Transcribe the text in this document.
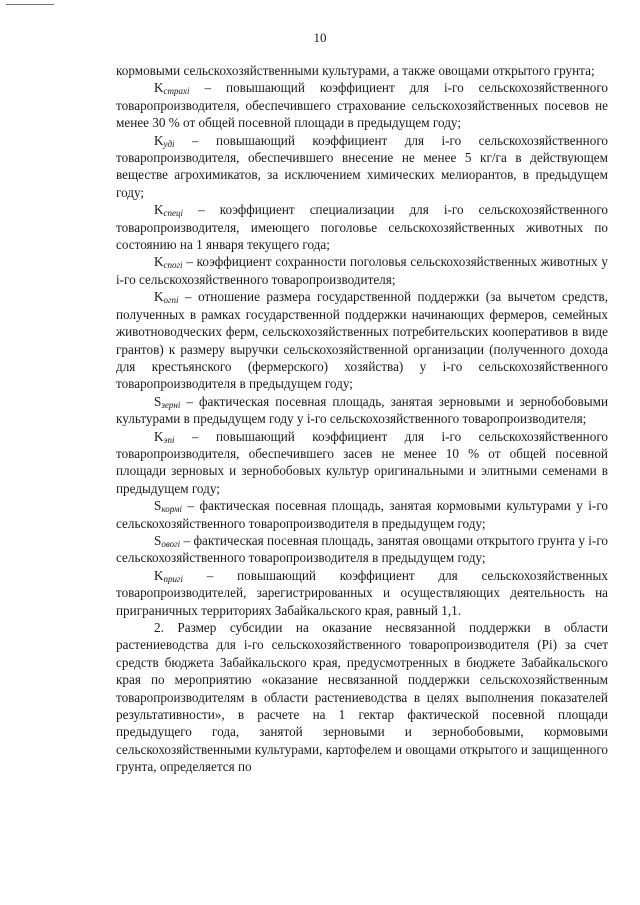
10

кормовыми сельскохозяйственными культурами, а также овощами открытого грунта;

$K_{страхi}$ – повышающий коэффициент для i-го сельскохозяйственного товаропроизводителя, обеспечившего страхование сельскохозяйственных посевов не менее 30 % от общей посевной площади в предыдущем году;

$K_{удi}$ – повышающий коэффициент для i-го сельскохозяйственного товаропроизводителя, обеспечившего внесение не менее 5 кг/га в действующем веществе агрохимикатов, за исключением химических мелиорантов, в предыдущем году;

$K_{спецi}$ – коэффициент специализации для i-го сельскохозяйственного товаропроизводителя, имеющего поголовье сельскохозяйственных животных по состоянию на 1 января текущего года;

$K_{спогi}$ – коэффициент сохранности поголовья сельскохозяйственных животных у i-го сельскохозяйственного товаропроизводителя;

$K_{огпi}$ – отношение размера государственной поддержки (за вычетом средств, полученных в рамках государственной поддержки начинающих фермеров, семейных животноводческих ферм, сельскохозяйственных потребительских кооперативов в виде грантов) к размеру выручки сельскохозяйственной организации (полученного дохода для крестьянского (фермерского) хозяйства) у i-го сельскохозяйственного товаропроизводителя в предыдущем году;

$S_{зернi}$ – фактическая посевная площадь, занятая зерновыми и зернобобовыми культурами в предыдущем году у i-го сельскохозяйственного товаропроизводителя;

$K_{эпi}$ – повышающий коэффициент для i-го сельскохозяйственного товаропроизводителя, обеспечившего засев не менее 10 % от общей посевной площади зерновых и зернобобовых культур оригинальными и элитными семенами в предыдущем году;

$S_{кормi}$ – фактическая посевная площадь, занятая кормовыми культурами у i-го сельскохозяйственного товаропроизводителя в предыдущем году;

$S_{овогi}$ – фактическая посевная площадь, занятая овощами открытого грунта у i-го сельскохозяйственного товаропроизводителя в предыдущем году;

$K_{пригi}$ – повышающий коэффициент для сельскохозяйственных товаропроизводителей, зарегистрированных и осуществляющих деятельность на приграничных территориях Забайкальского края, равный 1,1.

2. Размер субсидии на оказание несвязанной поддержки в области растениеводства для i-го сельскохозяйственного товаропроизводителя (Pi) за счет средств бюджета Забайкальского края, предусмотренных в бюджете Забайкальского края по мероприятию «оказание несвязанной поддержки сельскохозяйственным товаропроизводителям в области растениеводства в целях выполнения показателей результативности», в расчете на 1 гектар фактической посевной площади предыдущего года, занятой зерновыми и зернобобовыми, кормовыми сельскохозяйственными культурами, картофелем и овощами открытого и защищенного грунта, определяется по
